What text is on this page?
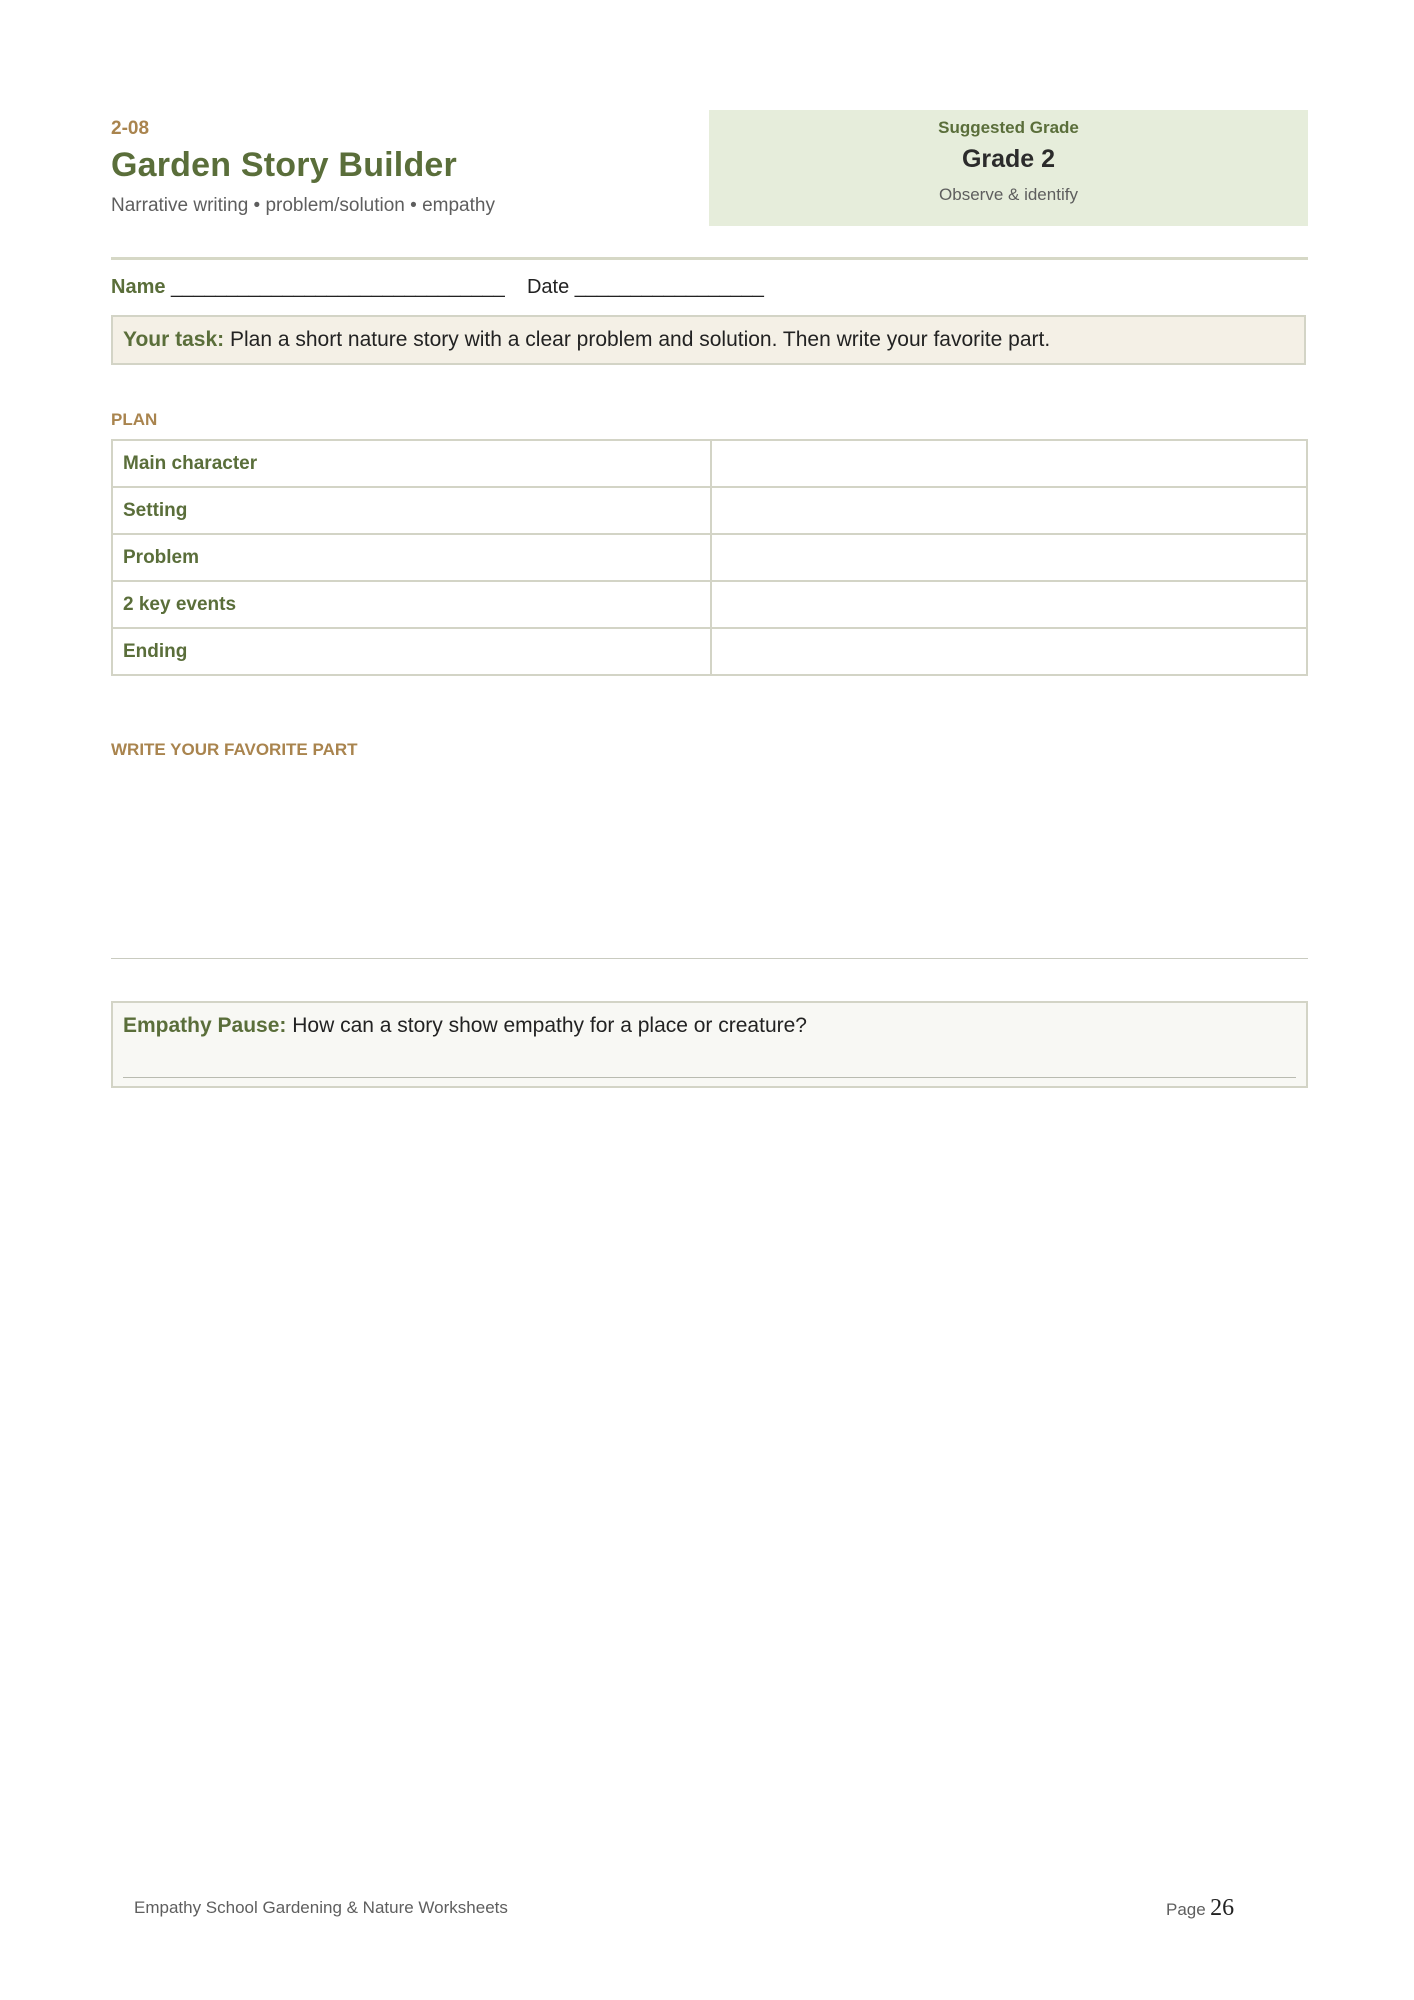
2-08
Garden Story Builder
Narrative writing • problem/solution • empathy
Suggested Grade
Grade 2
Observe & identify
Name ______________________________ Date _________________
Your task: Plan a short nature story with a clear problem and solution. Then write your favorite part.
PLAN
Main character	
Setting	
Problem	
2 key events	
Ending	
WRITE YOUR FAVORITE PART
Empathy Pause: How can a story show empathy for a place or creature?
Empathy School Gardening & Nature Worksheets	Page 26
